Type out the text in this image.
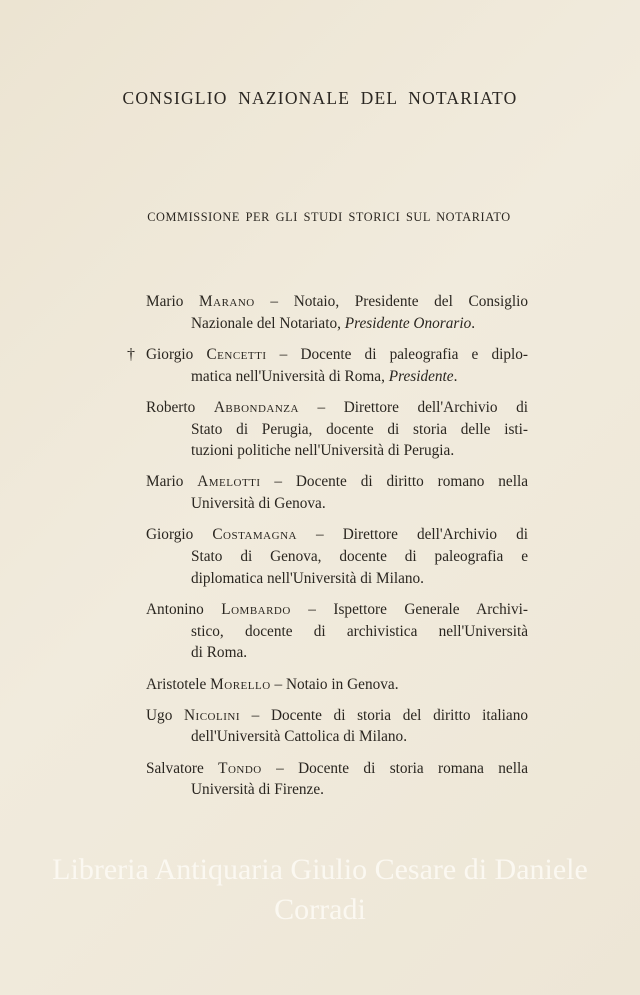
CONSIGLIO NAZIONALE DEL NOTARIATO
COMMISSIONE PER GLI STUDI STORICI SUL NOTARIATO
Mario Marano – Notaio, Presidente del Consiglio
Nazionale del Notariato, Presidente Onorario.
† Giorgio Cencetti – Docente di paleografia e diplo-
matica nell'Università di Roma, Presidente.
Roberto Abbondanza – Direttore dell'Archivio di
Stato di Perugia, docente di storia delle isti-
tuzioni politiche nell'Università di Perugia.
Mario Amelotti – Docente di diritto romano nella
Università di Genova.
Giorgio Costamagna – Direttore dell'Archivio di
Stato di Genova, docente di paleografia e
diplomatica nell'Università di Milano.
Antonino Lombardo – Ispettore Generale Archivi-
stico, docente di archivistica nell'Università
di Roma.
Aristotele Morello – Notaio in Genova.
Ugo Nicolini – Docente di storia del diritto italiano
dell'Università Cattolica di Milano.
Salvatore Tondo – Docente di storia romana nella
Università di Firenze.
Libreria Antiquaria Giulio Cesare di Daniele Corradi
